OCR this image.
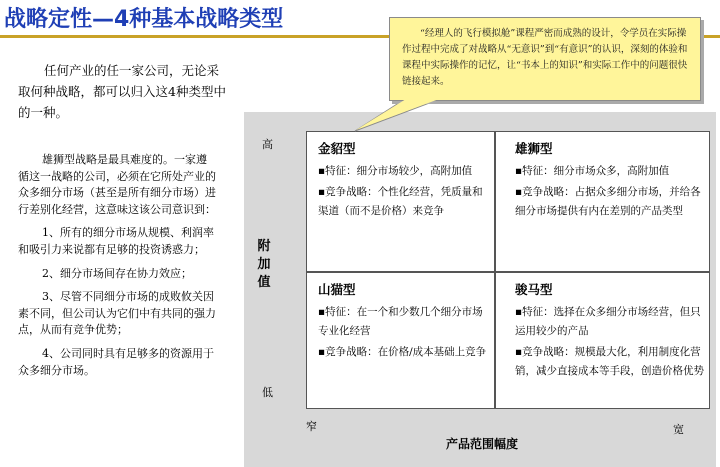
战略定性—4种基本战略类型
任何产业的任一家公司，无论采取何种战略，都可以归入这4种类型中的一种。

雄狮型战略是最具难度的。一家遵循这一战略的公司，必须在它所处产业的众多细分市场（甚至是所有细分市场）进行差别化经营，这意味这该公司意识到：

1、所有的细分市场从规模、利润率和吸引力来说都有足够的投资诱惑力；

2、细分市场间存在协力效应；

3、尽管不同细分市场的成败攸关因素不同，但公司认为它们中有共同的强力点，从而有竞争优势；

4、公司同时具有足够多的资源用于众多细分市场。

“经理人的飞行模拟舱”课程严密而成熟的设计，令学员在实际操作过程中完成了对战略从“无意识”到“有意识”的认识，深刻的体验和课程中实际操作的记忆，让“书本上的知识”和实际工作中的问题很快链接起来。
高
附加值
低
窄	宽
产品范围幅度
金貂型

▪特征：细分市场较少，高附加值

▪竞争战略：个性化经营，凭质量和渠道（而不是价格）来竞争

雄狮型

▪特征：细分市场众多，高附加值

▪竞争战略：占据众多细分市场，并给各细分市场提供有内在差别的产品类型

山猫型

▪特征：在一个和少数几个细分市场专业化经营

▪竞争战略：在价格/成本基础上竞争

骏马型

▪特征：选择在众多细分市场经营，但只运用较少的产品

▪竞争战略：规模最大化，利用制度化营销，减少直接成本等手段，创造价格优势
